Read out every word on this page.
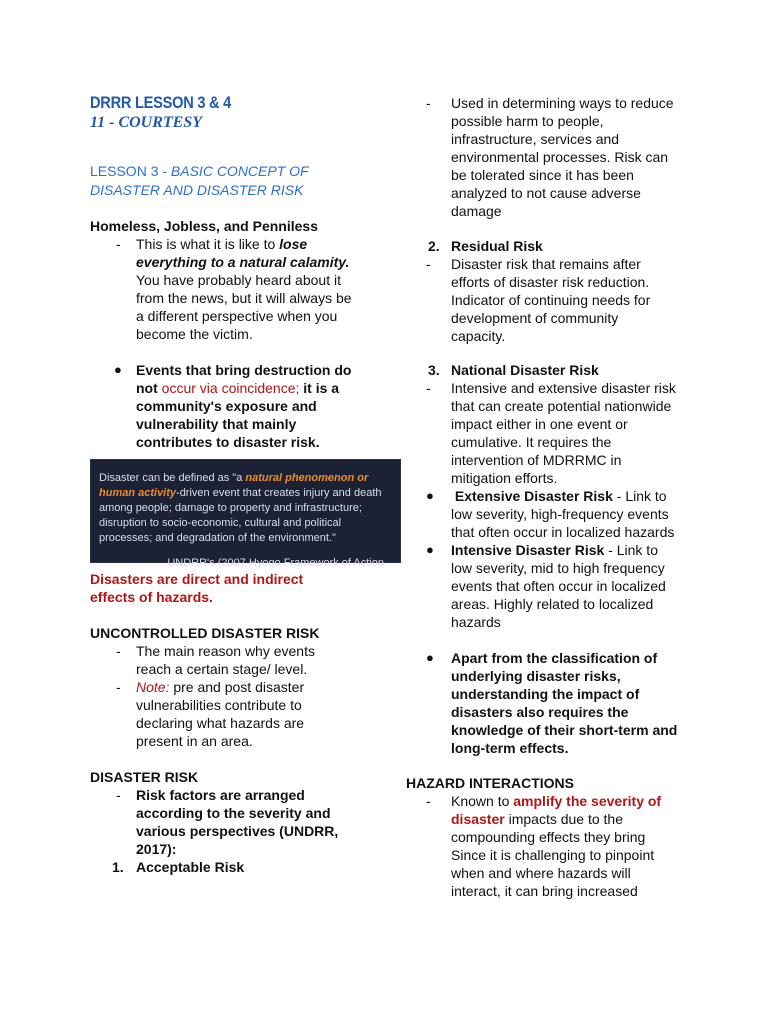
DRRR LESSON 3 & 4
11 - COURTESY
LESSON 3 - BASIC CONCEPT OF DISASTER AND DISASTER RISK
Homeless, Jobless, and Penniless
- This is what it is like to lose everything to a natural calamity. You have probably heard about it from the news, but it will always be a different perspective when you become the victim.
● Events that bring destruction do not occur via coincidence; it is a community's exposure and vulnerability that mainly contributes to disaster risk.
Disaster can be defined as "a natural phenomenon or human activity-driven event that creates injury and death among people; damage to property and infrastructure; disruption to socio-economic, cultural and political processes; and degradation of the environment."
UNDRR's (2007 Hyogo Framework of Action
Disasters are direct and indirect effects of hazards.
UNCONTROLLED DISASTER RISK
- The main reason why events reach a certain stage/ level.
- Note: pre and post disaster vulnerabilities contribute to declaring what hazards are present in an area.
DISASTER RISK
- Risk factors are arranged according to the severity and various perspectives (UNDRR, 2017):
1. Acceptable Risk
- Used in determining ways to reduce possible harm to people, infrastructure, services and environmental processes. Risk can be tolerated since it has been analyzed to not cause adverse damage
2. Residual Risk
- Disaster risk that remains after efforts of disaster risk reduction. Indicator of continuing needs for development of community capacity.
3. National Disaster Risk
- Intensive and extensive disaster risk that can create potential nationwide impact either in one event or cumulative. It requires the intervention of MDRRMC in mitigation efforts.
● Extensive Disaster Risk - Link to low severity, high-frequency events that often occur in localized hazards
● Intensive Disaster Risk - Link to low severity, mid to high frequency events that often occur in localized areas. Highly related to localized hazards
● Apart from the classification of underlying disaster risks, understanding the impact of disasters also requires the knowledge of their short-term and long-term effects.
HAZARD INTERACTIONS
- Known to amplify the severity of disaster impacts due to the compounding effects they bring Since it is challenging to pinpoint when and where hazards will interact, it can bring increased
